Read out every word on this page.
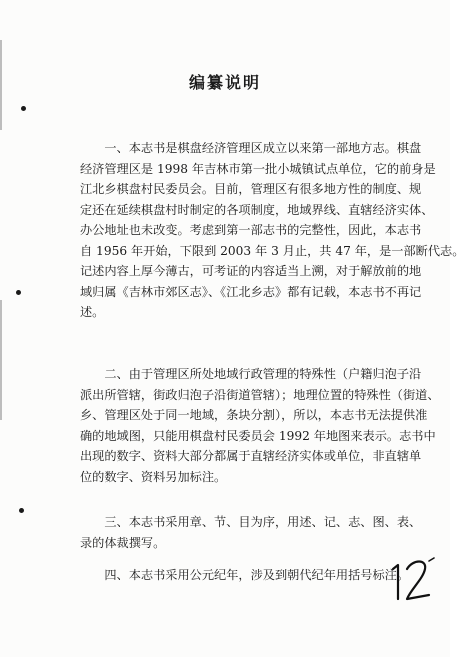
编纂说明
　　一、本志书是棋盘经济管理区成立以来第一部地方志。棋盘
经济管理区是 1998 年吉林市第一批小城镇试点单位，它的前身是
江北乡棋盘村民委员会。目前，管理区有很多地方性的制度、规
定还在延续棋盘村时制定的各项制度，地域界线、直辖经济实体、
办公地址也未改变。考虑到第一部志书的完整性，因此，本志书
自 1956 年开始，下限到 2003 年 3 月止，共 47 年，是一部断代志。
记述内容上厚今薄古，可考证的内容适当上溯，对于解放前的地
域归属《吉林市郊区志》、《江北乡志》都有记载，本志书不再记
述。
　　二、由于管理区所处地域行政管理的特殊性（户籍归泡子沿
派出所管辖，街政归泡子沿街道管辖）；地理位置的特殊性（街道、
乡、管理区处于同一地域，条块分割），所以，本志书无法提供准
确的地域图，只能用棋盘村民委员会 1992 年地图来表示。志书中
出现的数字、资料大部分都属于直辖经济实体或单位，非直辖单
位的数字、资料另加标注。
　　三、本志书采用章、节、目为序，用述、记、志、图、表、
录的体裁撰写。
　　四、本志书采用公元纪年，涉及到朝代纪年用括号标注。
